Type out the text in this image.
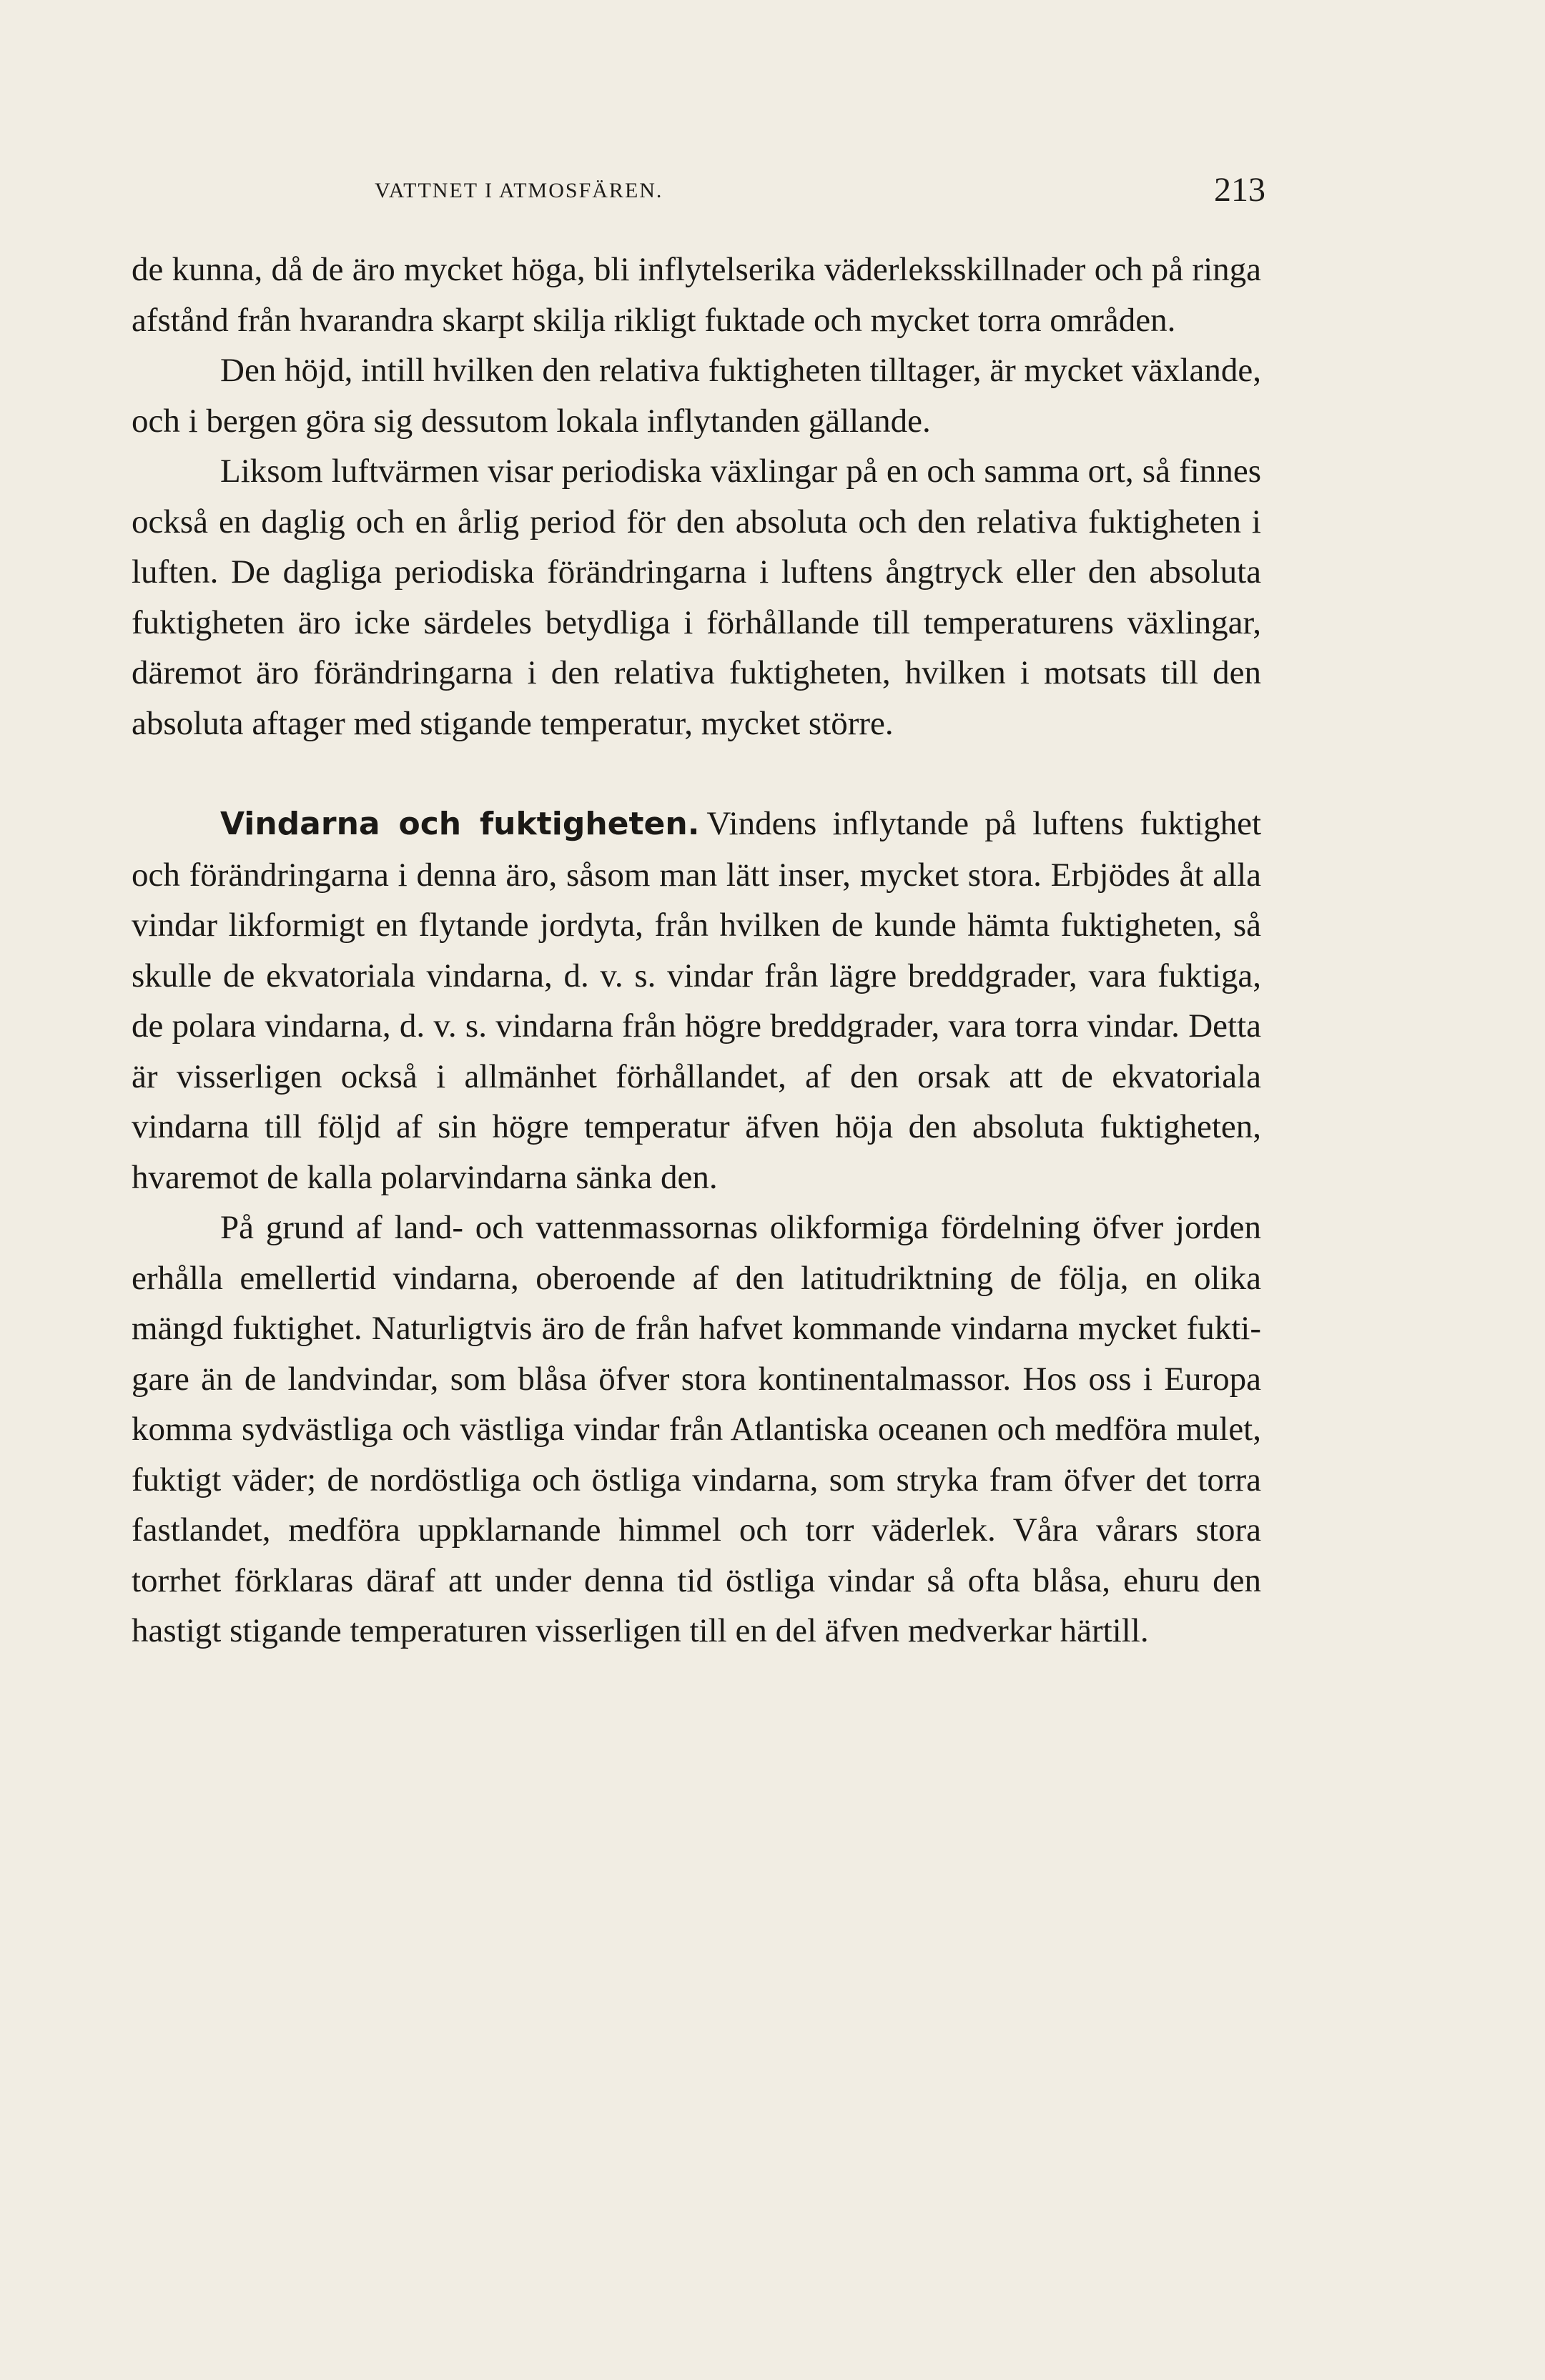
VATTNET I ATMOSFÄREN.	213

de kunna, då de äro mycket höga, bli inflytelserika väderleksskillnader och på ringa afstånd från hvarandra skarpt skilja rikligt fuktade och mycket torra områden.

Den höjd, intill hvilken den relativa fuktigheten tilltager, är mycket växlande, och i bergen göra sig dessutom lokala inflytanden gällande.

Liksom luftvärmen visar periodiska växlingar på en och samma ort, så finnes också en daglig och en årlig period för den absoluta och den relativa fuktigheten i luften. De dagliga periodiska förändringarna i luftens ångtryck eller den absoluta fuktigheten äro icke särdeles betydliga i förhållande till temperaturens växlingar, däremot äro förändringarna i den relativa fuktigheten, hvilken i motsats till den absoluta aftager med stigande temperatur, mycket större.

Vindarna och fuktigheten. Vindens inflytande på luftens fuktighet och förändringarna i denna äro, såsom man lätt inser, mycket stora. Erbjödes åt alla vindar likformigt en flytande jordyta, från hvilken de kunde hämta fuktigheten, så skulle de ekvatoriala vindarna, d. v. s. vindar från lägre breddgrader, vara fuktiga, de polara vindarna, d. v. s. vindarna från högre breddgrader, vara torra vindar. Detta är visserligen också i allmänhet förhållandet, af den orsak att de ekvatoriala vindarna till följd af sin högre temperatur äfven höja den absoluta fuktigheten, hvaremot de kalla polarvindarna sänka den.

På grund af land- och vattenmassornas olikformiga fördelning öfver jorden erhålla emellertid vindarna, oberoende af den latitudriktning de följa, en olika mängd fuktighet. Naturligtvis äro de från hafvet kommande vindarna mycket fuktigare än de landvindar, som blåsa öfver stora kontinentalmassor. Hos oss i Europa komma sydvästliga och västliga vindar från Atlantiska oceanen och medföra mulet, fuktigt väder; de nordöstliga och östliga vindarna, som stryka fram öfver det torra fastlandet, medföra uppklarnande himmel och torr väderlek. Våra vårars stora torrhet förklaras däraf att under denna tid östliga vindar så ofta blåsa, ehuru den hastigt stigande temperaturen visserligen till en del äfven medverkar härtill.
